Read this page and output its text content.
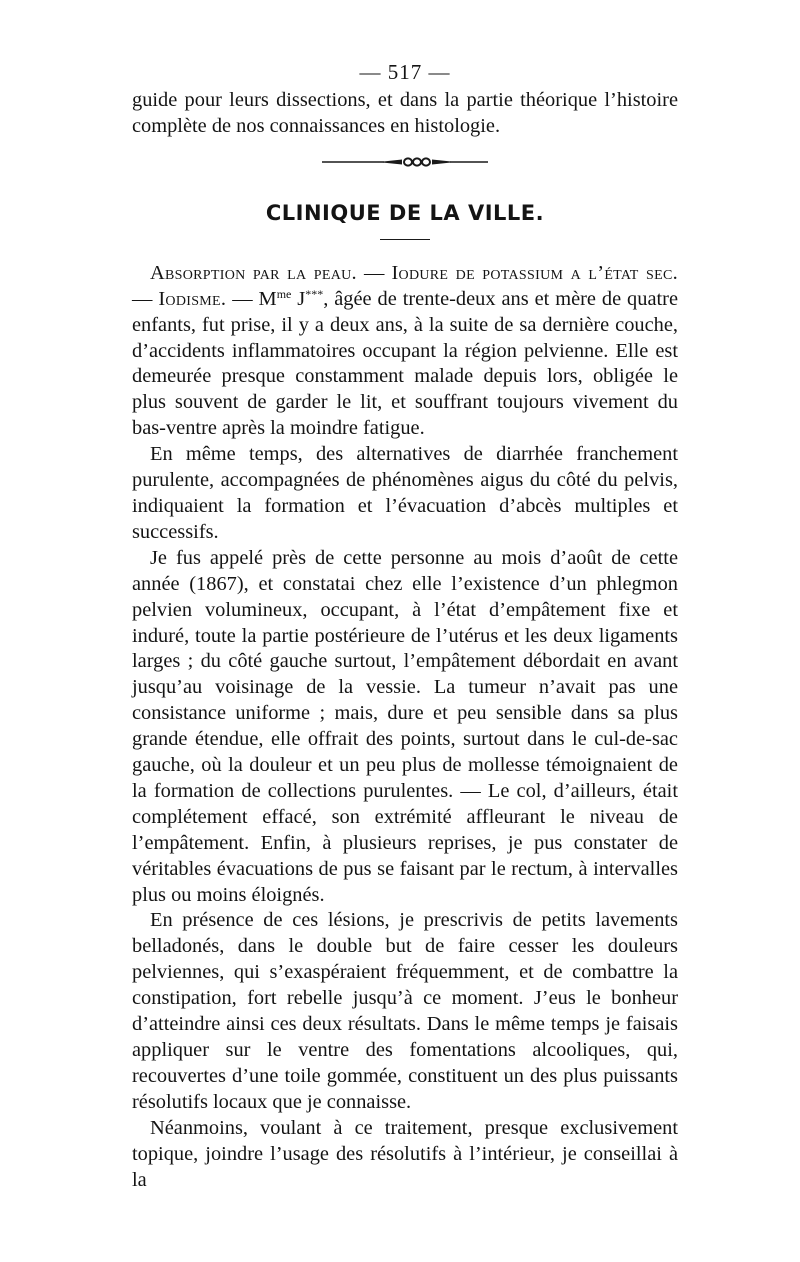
— 517 —

guide pour leurs dissections, et dans la partie théorique l’histoire complète de nos connaissances en histologie.

CLINIQUE DE LA VILLE.

Absorption par la peau. — Iodure de potassium a l’état sec. — Iodisme. — $M^{me}$ J***, âgée de trente-deux ans et mère de quatre enfants, fut prise, il y a deux ans, à la suite de sa dernière couche, d’accidents inflammatoires occupant la région pelvienne. Elle est demeurée presque constamment malade depuis lors, obligée le plus souvent de garder le lit, et souffrant toujours vivement du bas-ventre après la moindre fatigue.

En même temps, des alternatives de diarrhée franchement purulente, accompagnées de phénomènes aigus du côté du pelvis, indiquaient la formation et l’évacuation d’abcès multiples et successifs.

Je fus appelé près de cette personne au mois d’août de cette année (1867), et constatai chez elle l’existence d’un phlegmon pelvien volumineux, occupant, à l’état d’empâtement fixe et induré, toute la partie postérieure de l’utérus et les deux ligaments larges ; du côté gauche surtout, l’empâtement débordait en avant jusqu’au voisinage de la vessie. La tumeur n’avait pas une consistance uniforme ; mais, dure et peu sensible dans sa plus grande étendue, elle offrait des points, surtout dans le cul-de-sac gauche, où la douleur et un peu plus de mollesse témoignaient de la formation de collections purulentes. — Le col, d’ailleurs, était complétement effacé, son extrémité affleurant le niveau de l’empâtement. Enfin, à plusieurs reprises, je pus constater de véritables évacuations de pus se faisant par le rectum, à intervalles plus ou moins éloignés.

En présence de ces lésions, je prescrivis de petits lavements belladonés, dans le double but de faire cesser les douleurs pelviennes, qui s’exaspéraient fréquemment, et de combattre la constipation, fort rebelle jusqu’à ce moment. J’eus le bonheur d’atteindre ainsi ces deux résultats. Dans le même temps je faisais appliquer sur le ventre des fomentations alcooliques, qui, recouvertes d’une toile gommée, constituent un des plus puissants résolutifs locaux que je connaisse.

Néanmoins, voulant à ce traitement, presque exclusivement topique, joindre l’usage des résolutifs à l’intérieur, je conseillai à la
